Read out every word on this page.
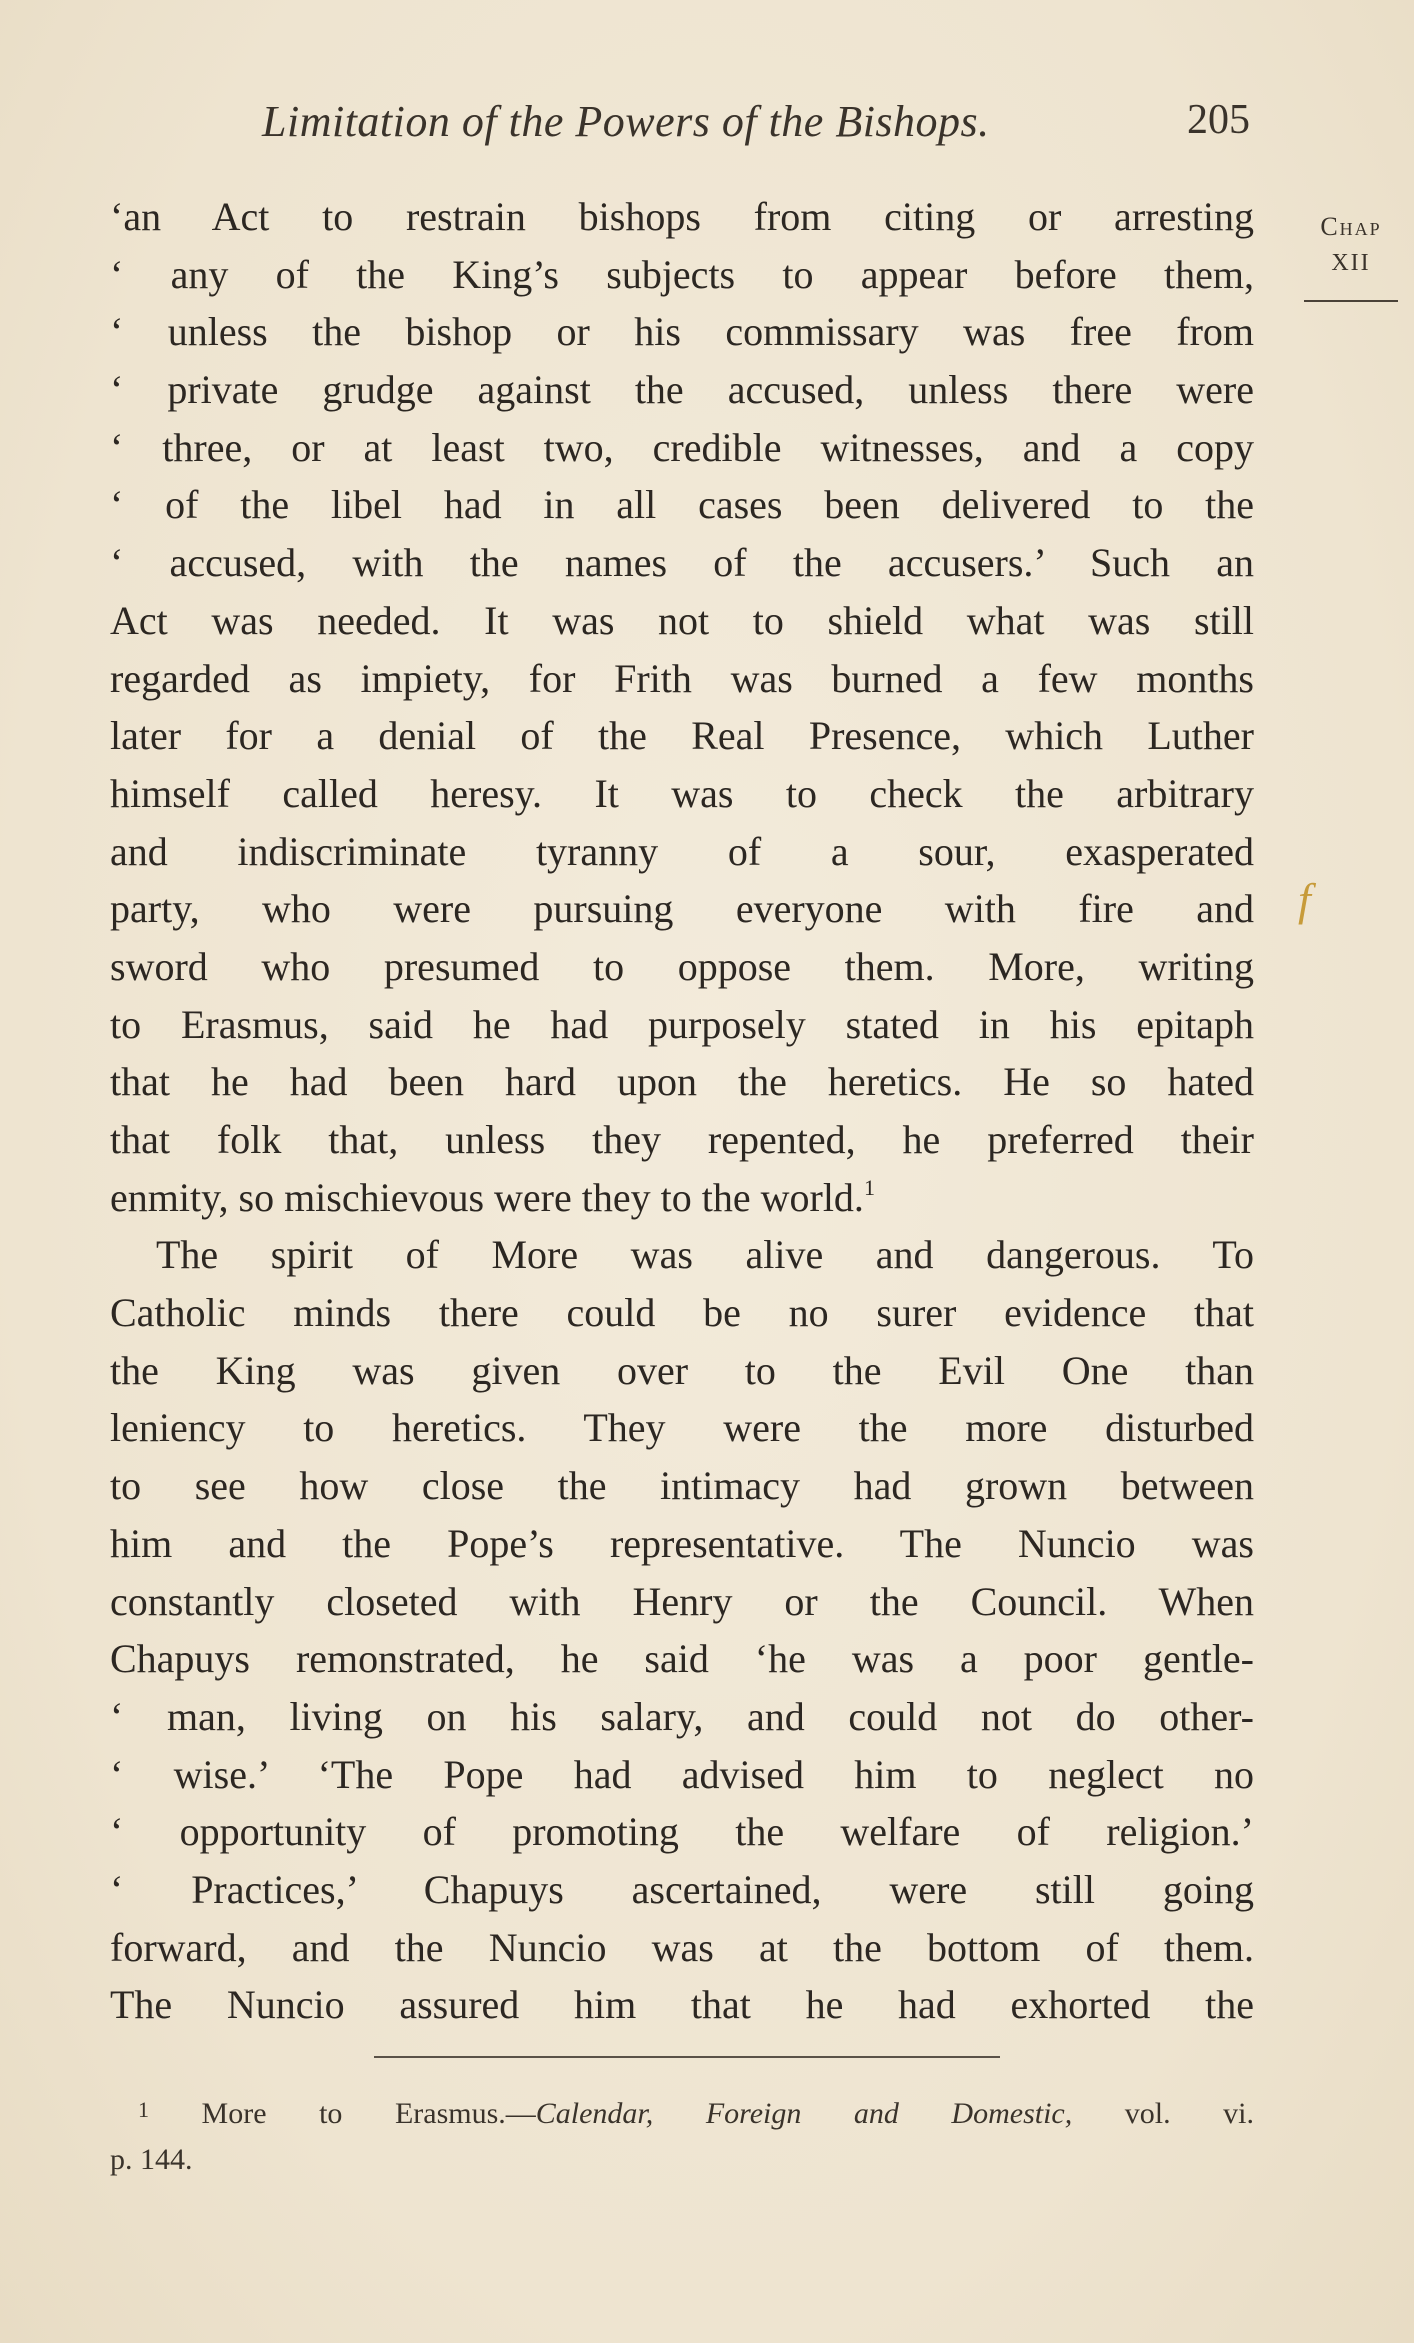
Limitation of the Powers of the Bishops.	205
Chap
XII
f
‘an Act to restrain bishops from citing or arresting
‘ any of the King’s subjects to appear before them,
‘ unless the bishop or his commissary was free from
‘ private grudge against the accused, unless there were
‘ three, or at least two, credible witnesses, and a copy
‘ of the libel had in all cases been delivered to the
‘ accused, with the names of the accusers.’ Such an
Act was needed. It was not to shield what was still
regarded as impiety, for Frith was burned a few months
later for a denial of the Real Presence, which Luther
himself called heresy. It was to check the arbitrary
and indiscriminate tyranny of a sour, exasperated
party, who were pursuing everyone with fire and
sword who presumed to oppose them. More, writing
to Erasmus, said he had purposely stated in his epitaph
that he had been hard upon the heretics. He so hated
that folk that, unless they repented, he preferred their
enmity, so mischievous were they to the world.$^1$
The spirit of More was alive and dangerous. To
Catholic minds there could be no surer evidence that
the King was given over to the Evil One than
leniency to heretics. They were the more disturbed
to see how close the intimacy had grown between
him and the Pope’s representative. The Nuncio was
constantly closeted with Henry or the Council. When
Chapuys remonstrated, he said ‘he was a poor gentle-
‘ man, living on his salary, and could not do other-
‘ wise.’ ‘The Pope had advised him to neglect no
‘ opportunity of promoting the welfare of religion.’
‘ Practices,’ Chapuys ascertained, were still going
forward, and the Nuncio was at the bottom of them.
The Nuncio assured him that he had exhorted the
$^1$ More to Erasmus.—Calendar, Foreign and Domestic, vol. vi.
p. 144.
